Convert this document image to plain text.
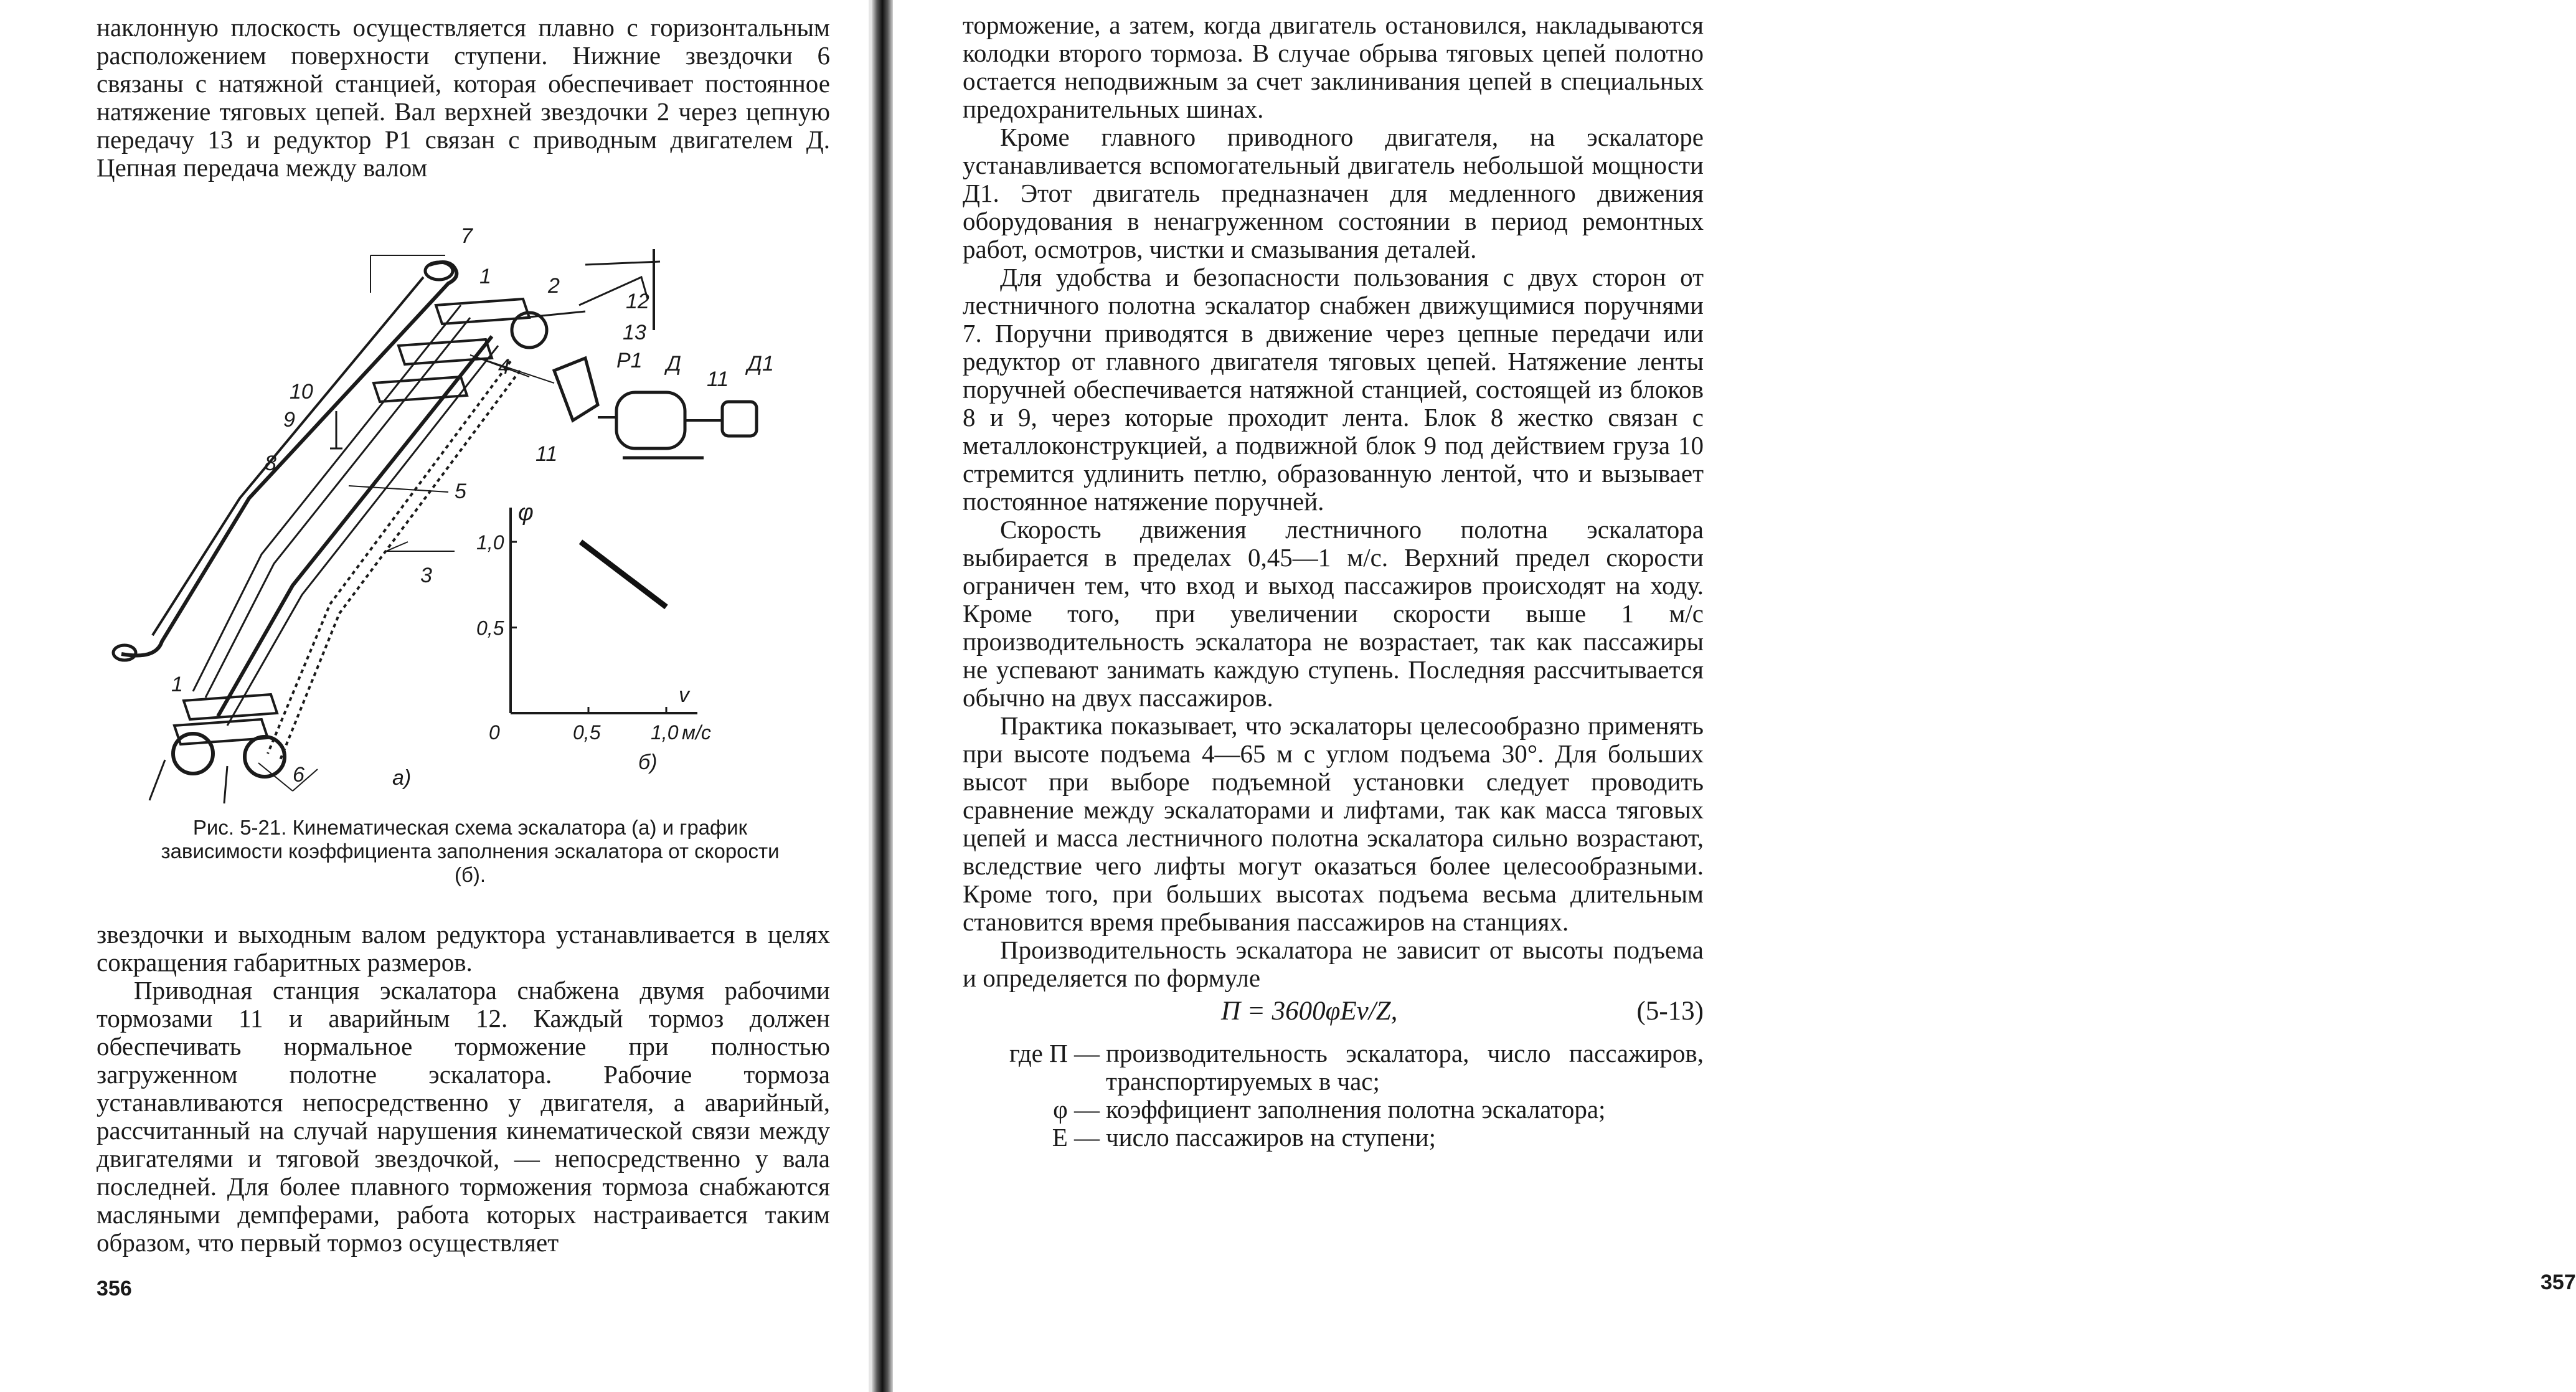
наклонную плоскость осуществляется плавно с горизонтальным расположением поверхности ступени. Нижние звездочки 6 связаны с натяжной станцией, которая обеспечивает постоянное натяжение тяговых цепей. Вал верхней звездочки 2 через цепную передачу 13 и редуктор Р1 связан с приводным двигателем Д. Цепная передача между валом

7
1	2
12
13
4	Р1 Д
11
Д1
10
9
8	11
5
3
1
6	а)
б)
0	0,5	1,0
0,5
1,0
v
м/с
φ
Рис. 5-21. Кинематическая схема эскалатора (а) и график зависимости коэффициента заполнения эскалатора от скорости (б).

звездочки и выходным валом редуктора устанавливается в целях сокращения габаритных размеров.

Приводная станция эскалатора снабжена двумя рабочими тормозами 11 и аварийным 12. Каждый тормоз должен обеспечивать нормальное торможение при полностью загруженном полотне эскалатора. Рабочие тормоза устанавливаются непосредственно у двигателя, а аварийный, рассчитанный на случай нарушения кинематической связи между двигателями и тяговой звездочкой, — непосредственно у вала последней. Для более плавного торможения тормоза снабжаются масляными демпферами, работа которых настраивается таким образом, что первый тормоз осуществляет

356

торможение, а затем, когда двигатель остановился, накладываются колодки второго тормоза. В случае обрыва тяговых цепей полотно остается неподвижным за счет заклинивания цепей в специальных предохранительных шинах.

Кроме главного приводного двигателя, на эскалаторе устанавливается вспомогательный двигатель небольшой мощности Д1. Этот двигатель предназначен для медленного движения оборудования в ненагруженном состоянии в период ремонтных работ, осмотров, чистки и смазывания деталей.

Для удобства и безопасности пользования с двух сторон от лестничного полотна эскалатор снабжен движущимися поручнями 7. Поручни приводятся в движение через цепные передачи или редуктор от главного двигателя тяговых цепей. Натяжение ленты поручней обеспечивается натяжной станцией, состоящей из блоков 8 и 9, через которые проходит лента. Блок 8 жестко связан с металлоконструкцией, а подвижной блок 9 под действием груза 10 стремится удлинить петлю, образованную лентой, что и вызывает постоянное натяжение поручней.

Скорость движения лестничного полотна эскалатора выбирается в пределах 0,45—1 м/с. Верхний предел скорости ограничен тем, что вход и выход пассажиров происходят на ходу. Кроме того, при увеличении скорости выше 1 м/с производительность эскалатора не возрастает, так как пассажиры не успевают занимать каждую ступень. Последняя рассчитывается обычно на двух пассажиров.

Практика показывает, что эскалаторы целесообразно применять при высоте подъема 4—65 м с углом подъема 30°. Для больших высот при выборе подъемной установки следует проводить сравнение между эскалаторами и лифтами, так как масса тяговых цепей и масса лестничного полотна эскалатора сильно возрастают, вследствие чего лифты могут оказаться более целесообразными. Кроме того, при больших высотах подъема весьма длительным становится время пребывания пассажиров на станциях.

Производительность эскалатора не зависит от высоты подъема и определяется по формуле

П = 3600φEv/Z,	(5-13)
где П — производительность эскалатора, число пассажиров, транспортируемых в час;
φ — коэффициент заполнения полотна эскалатора;
E — число пассажиров на ступени;
357
